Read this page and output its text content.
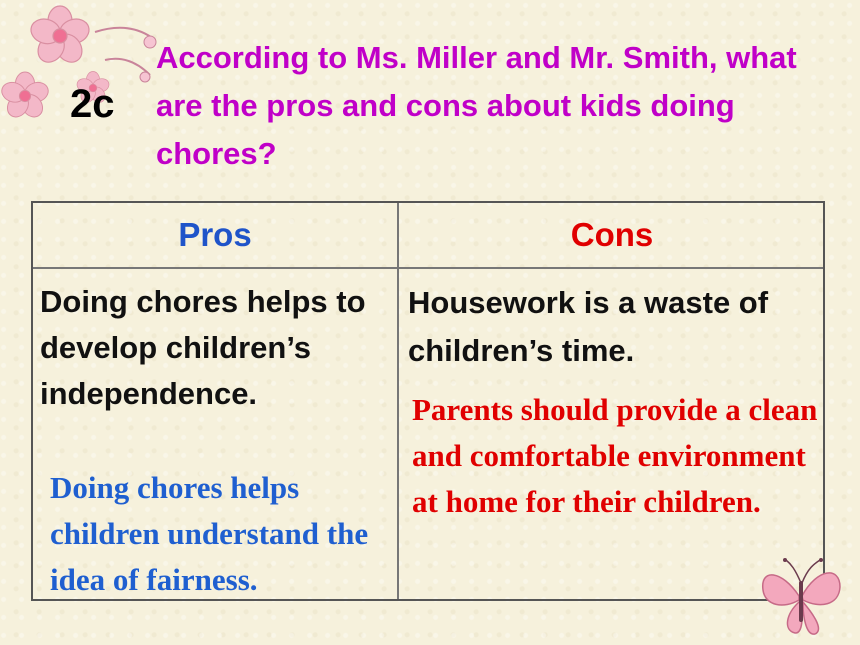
2c
According to Ms. Miller and Mr. Smith, what are the pros and cons about kids doing chores?
Pros	Cons
Doing chores helps to develop children’s independence.
Doing chores helps children understand the idea of fairness.
Housework is a waste of children’s time.
Parents should provide a clean and comfortable environment at home for their children.
